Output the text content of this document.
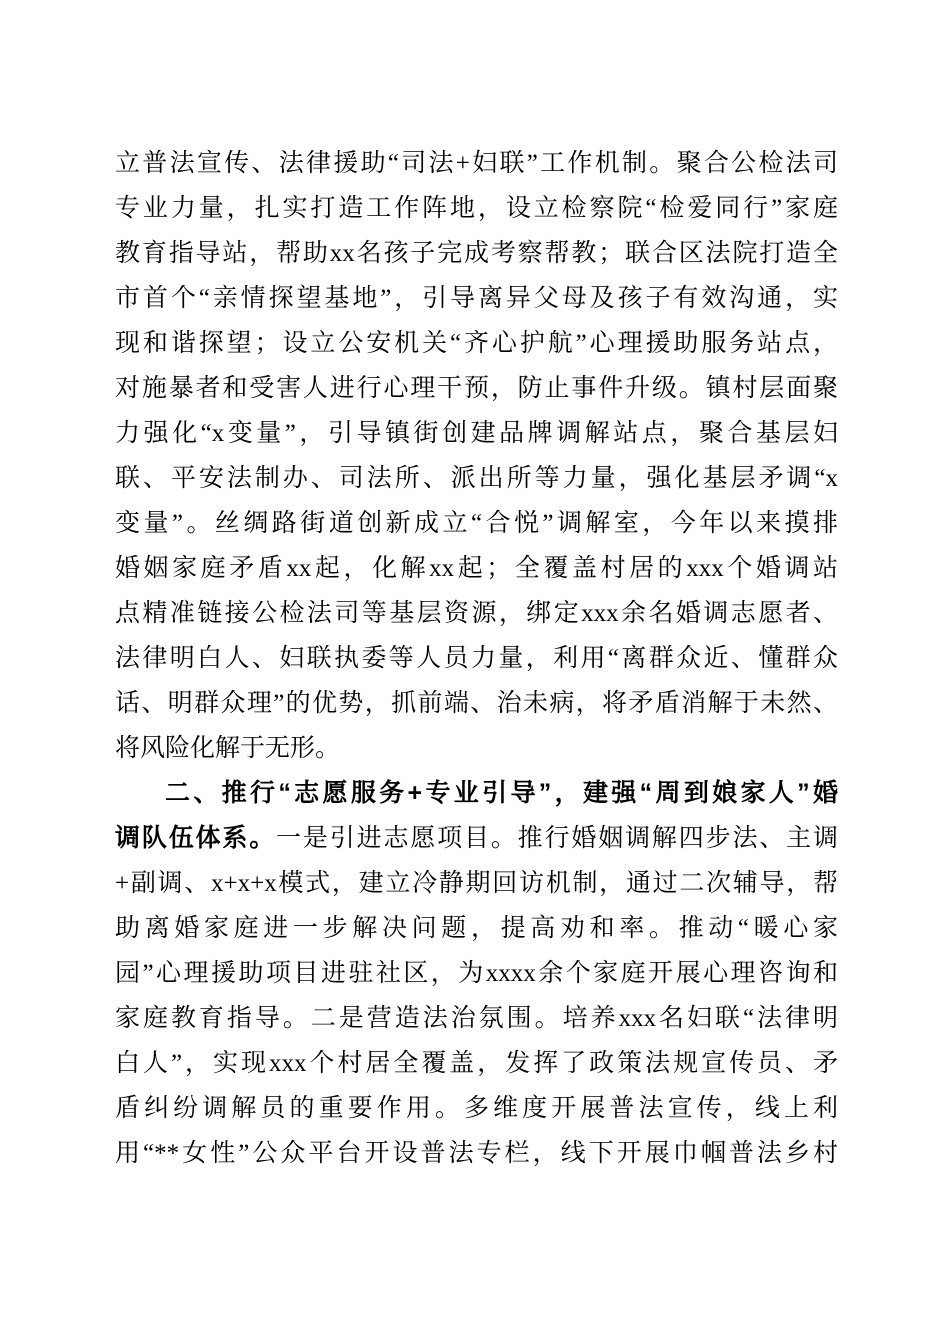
立普法宣传、法律援助“司法+妇联”工作机制。聚合公检法司
专业力量，扎实打造工作阵地，设立检察院“检爱同行”家庭
教育指导站，帮助xx名孩子完成考察帮教；联合区法院打造全
市首个“亲情探望基地”，引导离异父母及孩子有效沟通，实
现和谐探望；设立公安机关“齐心护航”心理援助服务站点，
对施暴者和受害人进行心理干预，防止事件升级。镇村层面聚
力强化“x变量”，引导镇街创建品牌调解站点，聚合基层妇
联、平安法制办、司法所、派出所等力量，强化基层矛调“x
变量”。丝绸路街道创新成立“合悦”调解室，今年以来摸排
婚姻家庭矛盾xx起，化解xx起；全覆盖村居的xxx个婚调站
点精准链接公检法司等基层资源，绑定xxx余名婚调志愿者、
法律明白人、妇联执委等人员力量，利用“离群众近、懂群众
话、明群众理”的优势，抓前端、治未病，将矛盾消解于未然、
将风险化解于无形。
二、推行“志愿服务+专业引导”，建强“周到娘家人”婚
调队伍体系。一是引进志愿项目。推行婚姻调解四步法、主调
+副调、x+x+x模式，建立冷静期回访机制，通过二次辅导，帮
助离婚家庭进一步解决问题，提高劝和率。推动“暖心家
园”心理援助项目进驻社区，为xxxx余个家庭开展心理咨询和
家庭教育指导。二是营造法治氛围。培养xxx名妇联“法律明
白人”，实现xxx个村居全覆盖，发挥了政策法规宣传员、矛
盾纠纷调解员的重要作用。多维度开展普法宣传，线上利
用“**女性”公众平台开设普法专栏，线下开展巾帼普法乡村
